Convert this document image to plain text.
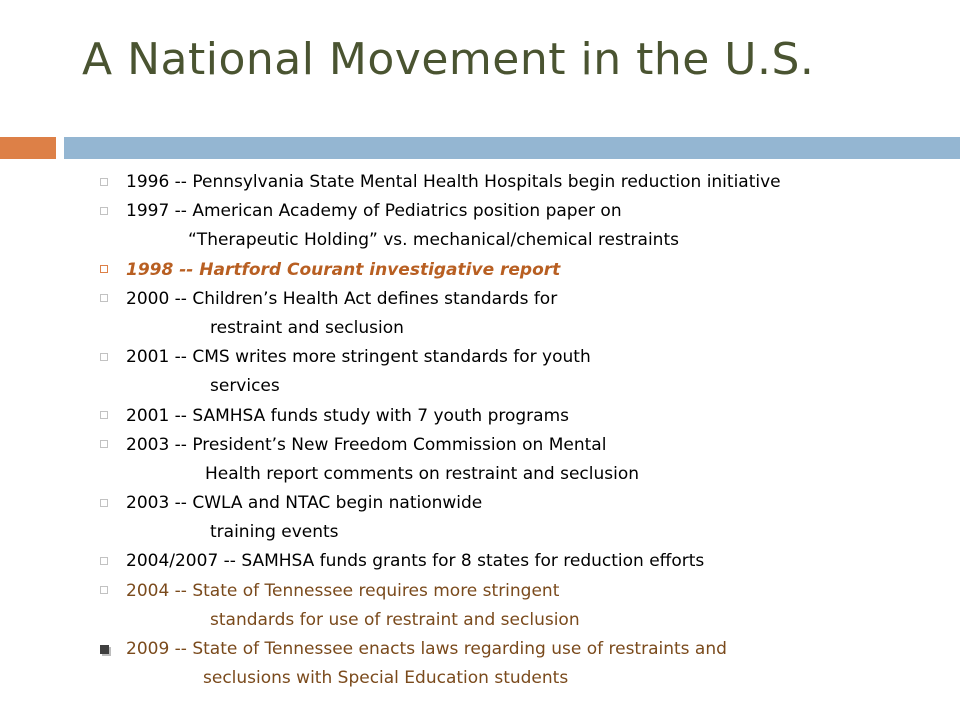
A National Movement in the U.S.
1996 -- Pennsylvania State Mental Health Hospitals begin reduction initiative
1997 -- American Academy of Pediatrics position paper on
“Therapeutic Holding” vs. mechanical/chemical restraints
1998 -- Hartford Courant investigative report
2000 -- Children’s Health Act defines standards for
restraint and seclusion
2001 -- CMS writes more stringent standards for youth
services
2001 -- SAMHSA funds study with 7 youth programs
2003 -- President’s New Freedom Commission on Mental
Health report comments on restraint and seclusion
2003 -- CWLA and NTAC begin nationwide
training events
2004/2007 -- SAMHSA funds grants for 8 states for reduction efforts
2004 -- State of Tennessee requires more stringent
standards for use of restraint and seclusion
2009 -- State of Tennessee enacts laws regarding use of restraints and
seclusions with Special Education students
